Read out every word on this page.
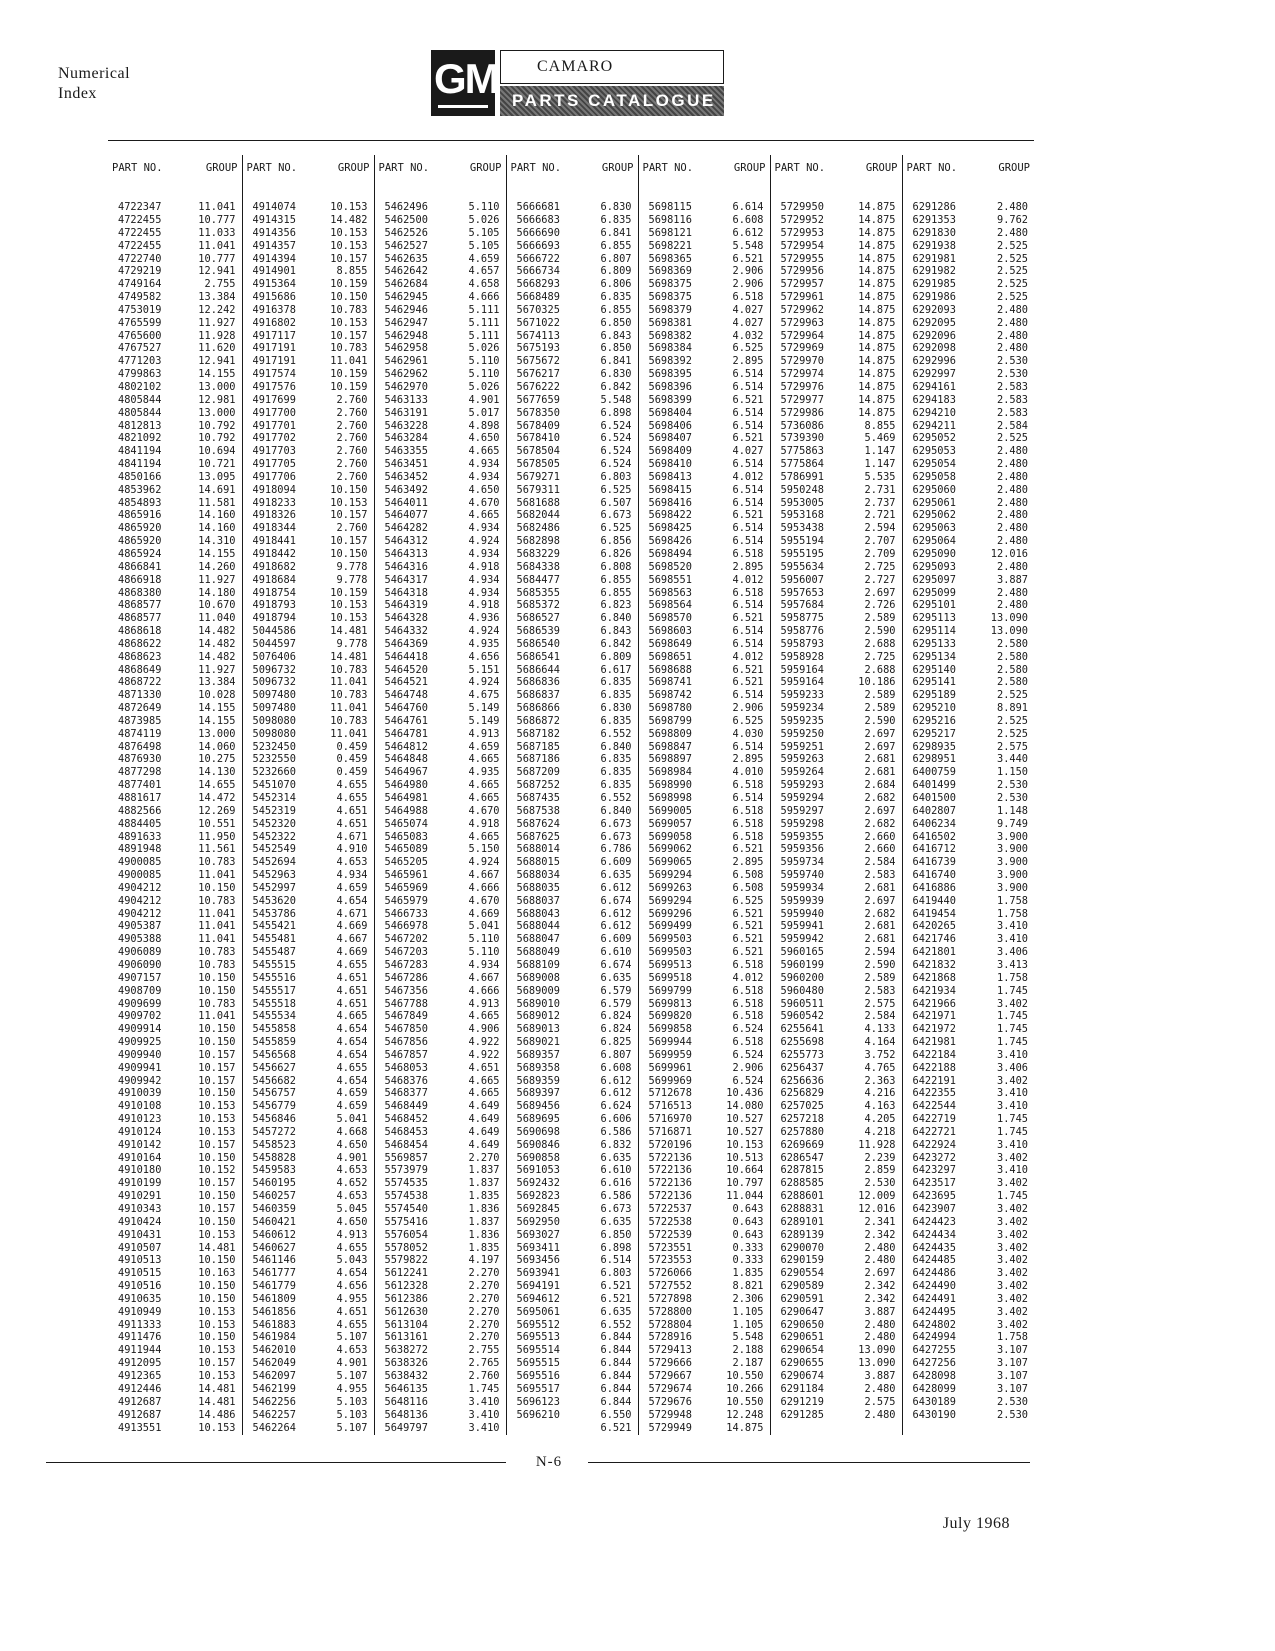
Numerical
Index	GM	CAMARO
PARTS CATALOGUE
PART NO.	GROUP	PART NO.	GROUP	PART NO.	GROUP	PART NO.	GROUP	PART NO.	GROUP	PART NO.	GROUP	PART NO.	GROUP

4722347	11.041	4914074	10.153	5462496	5.110	5666681	6.830	5698115	6.614	5729950	14.875	6291286	2.480
4722455	10.777	4914315	14.482	5462500	5.026	5666683	6.835	5698116	6.608	5729952	14.875	6291353	9.762
4722455	11.033	4914356	10.153	5462526	5.105	5666690	6.841	5698121	6.612	5729953	14.875	6291830	2.480
4722455	11.041	4914357	10.153	5462527	5.105	5666693	6.855	5698221	5.548	5729954	14.875	6291938	2.525
4722740	10.777	4914394	10.157	5462635	4.659	5666722	6.807	5698365	6.521	5729955	14.875	6291981	2.525
4729219	12.941	4914901	8.855	5462642	4.657	5666734	6.809	5698369	2.906	5729956	14.875	6291982	2.525
4749164	2.755	4915364	10.159	5462684	4.658	5668293	6.806	5698375	2.906	5729957	14.875	6291985	2.525
4749582	13.384	4915686	10.150	5462945	4.666	5668489	6.835	5698375	6.518	5729961	14.875	6291986	2.525
4753019	12.242	4916378	10.783	5462946	5.111	5670325	6.855	5698379	4.027	5729962	14.875	6292093	2.480
4765599	11.927	4916802	10.153	5462947	5.111	5671022	6.850	5698381	4.027	5729963	14.875	6292095	2.480
4765600	11.928	4917117	10.157	5462948	5.111	5674113	6.843	5698382	4.032	5729964	14.875	6292096	2.480
4767527	11.620	4917191	10.783	5462958	5.026	5675193	6.850	5698384	6.525	5729969	14.875	6292098	2.480
4771203	12.941	4917191	11.041	5462961	5.110	5675672	6.841	5698392	2.895	5729970	14.875	6292996	2.530
4799863	14.155	4917574	10.159	5462962	5.110	5676217	6.830	5698395	6.514	5729974	14.875	6292997	2.530
4802102	13.000	4917576	10.159	5462970	5.026	5676222	6.842	5698396	6.514	5729976	14.875	6294161	2.583
4805844	12.981	4917699	2.760	5463133	4.901	5677659	5.548	5698399	6.521	5729977	14.875	6294183	2.583
4805844	13.000	4917700	2.760	5463191	5.017	5678350	6.898	5698404	6.514	5729986	14.875	6294210	2.583
4812813	10.792	4917701	2.760	5463228	4.898	5678409	6.524	5698406	6.514	5736086	8.855	6294211	2.584
4821092	10.792	4917702	2.760	5463284	4.650	5678410	6.524	5698407	6.521	5739390	5.469	6295052	2.525
4841194	10.694	4917703	2.760	5463355	4.665	5678504	6.524	5698409	4.027	5775863	1.147	6295053	2.480
4841194	10.721	4917705	2.760	5463451	4.934	5678505	6.524	5698410	6.514	5775864	1.147	6295054	2.480
4850166	13.095	4917706	2.760	5463452	4.934	5679271	6.803	5698413	4.012	5786991	5.535	6295058	2.480
4853962	14.691	4918094	10.150	5463492	4.650	5679311	6.525	5698415	6.514	5950248	2.731	6295060	2.480
4854893	11.581	4918233	10.153	5464011	4.670	5681688	6.507	5698416	6.514	5953005	2.737	6295061	2.480
4865916	14.160	4918326	10.157	5464077	4.665	5682044	6.673	5698422	6.521	5953168	2.721	6295062	2.480
4865920	14.160	4918344	2.760	5464282	4.934	5682486	6.525	5698425	6.514	5953438	2.594	6295063	2.480
4865920	14.310	4918441	10.157	5464312	4.924	5682898	6.856	5698426	6.514	5955194	2.707	6295064	2.480
4865924	14.155	4918442	10.150	5464313	4.934	5683229	6.826	5698494	6.518	5955195	2.709	6295090	12.016
4866841	14.260	4918682	9.778	5464316	4.918	5684338	6.808	5698520	2.895	5955634	2.725	6295093	2.480
4866918	11.927	4918684	9.778	5464317	4.934	5684477	6.855	5698551	4.012	5956007	2.727	6295097	3.887
4868380	14.180	4918754	10.159	5464318	4.934	5685355	6.855	5698563	6.518	5957653	2.697	6295099	2.480
4868577	10.670	4918793	10.153	5464319	4.918	5685372	6.823	5698564	6.514	5957684	2.726	6295101	2.480
4868577	11.040	4918794	10.153	5464328	4.936	5686527	6.840	5698570	6.521	5958775	2.589	6295113	13.090
4868618	14.482	5044586	14.481	5464332	4.924	5686539	6.843	5698603	6.514	5958776	2.590	6295114	13.090
4868622	14.482	5044597	9.778	5464369	4.935	5686540	6.842	5698649	6.514	5958793	2.688	6295133	2.580
4868623	14.482	5076406	14.481	5464418	4.656	5686541	6.809	5698651	4.012	5958928	2.725	6295134	2.580
4868649	11.927	5096732	10.783	5464520	5.151	5686644	6.617	5698688	6.521	5959164	2.688	6295140	2.580
4868722	13.384	5096732	11.041	5464521	4.924	5686836	6.835	5698741	6.521	5959164	10.186	6295141	2.580
4871330	10.028	5097480	10.783	5464748	4.675	5686837	6.835	5698742	6.514	5959233	2.589	6295189	2.525
4872649	14.155	5097480	11.041	5464760	5.149	5686866	6.830	5698780	2.906	5959234	2.589	6295210	8.891
4873985	14.155	5098080	10.783	5464761	5.149	5686872	6.835	5698799	6.525	5959235	2.590	6295216	2.525
4874119	13.000	5098080	11.041	5464781	4.913	5687182	6.552	5698809	4.030	5959250	2.697	6295217	2.525
4876498	14.060	5232450	0.459	5464812	4.659	5687185	6.840	5698847	6.514	5959251	2.697	6298935	2.575
4876930	10.275	5232550	0.459	5464848	4.665	5687186	6.835	5698897	2.895	5959263	2.681	6298951	3.440
4877298	14.130	5232660	0.459	5464967	4.935	5687209	6.835	5698984	4.010	5959264	2.681	6400759	1.150
4877401	14.655	5451070	4.655	5464980	4.665	5687252	6.835	5698990	6.518	5959293	2.684	6401499	2.530
4881617	14.472	5452314	4.655	5464981	4.665	5687435	6.552	5698998	6.514	5959294	2.682	6401500	2.530
4882566	12.269	5452319	4.651	5464988	4.670	5687538	6.840	5699005	6.518	5959297	2.697	6402807	1.148
4884405	10.551	5452320	4.651	5465074	4.918	5687624	6.673	5699057	6.518	5959298	2.682	6406234	9.749
4891633	11.950	5452322	4.671	5465083	4.665	5687625	6.673	5699058	6.518	5959355	2.660	6416502	3.900
4891948	11.561	5452549	4.910	5465089	5.150	5688014	6.786	5699062	6.521	5959356	2.660	6416712	3.900
4900085	10.783	5452694	4.653	5465205	4.924	5688015	6.609	5699065	2.895	5959734	2.584	6416739	3.900
4900085	11.041	5452963	4.934	5465961	4.667	5688034	6.635	5699294	6.508	5959740	2.583	6416740	3.900
4904212	10.150	5452997	4.659	5465969	4.666	5688035	6.612	5699263	6.508	5959934	2.681	6416886	3.900
4904212	10.783	5453620	4.654	5465979	4.670	5688037	6.674	5699294	6.525	5959939	2.697	6419440	1.758
4904212	11.041	5453786	4.671	5466733	4.669	5688043	6.612	5699296	6.521	5959940	2.682	6419454	1.758
4905387	11.041	5455421	4.669	5466978	5.041	5688044	6.612	5699499	6.521	5959941	2.681	6420265	3.410
4905388	11.041	5455481	4.667	5467202	5.110	5688047	6.609	5699503	6.521	5959942	2.681	6421746	3.410
4906089	10.783	5455487	4.669	5467203	5.110	5688049	6.610	5699503	6.521	5960165	2.594	6421801	3.406
4906090	10.783	5455515	4.655	5467283	4.934	5688109	6.674	5699513	6.518	5960199	2.590	6421832	3.413
4907157	10.150	5455516	4.651	5467286	4.667	5689008	6.635	5699518	4.012	5960200	2.589	6421868	1.758
4908709	10.150	5455517	4.651	5467356	4.666	5689009	6.579	5699799	6.518	5960480	2.583	6421934	1.745
4909699	10.783	5455518	4.651	5467788	4.913	5689010	6.579	5699813	6.518	5960511	2.575	6421966	3.402
4909702	11.041	5455534	4.665	5467849	4.665	5689012	6.824	5699820	6.518	5960542	2.584	6421971	1.745
4909914	10.150	5455858	4.654	5467850	4.906	5689013	6.824	5699858	6.524	6255641	4.133	6421972	1.745
4909925	10.150	5455859	4.654	5467856	4.922	5689021	6.825	5699944	6.518	6255698	4.164	6421981	1.745
4909940	10.157	5456568	4.654	5467857	4.922	5689357	6.807	5699959	6.524	6255773	3.752	6422184	3.410
4909941	10.157	5456627	4.655	5468053	4.651	5689358	6.608	5699961	2.906	6256437	4.765	6422188	3.406
4909942	10.157	5456682	4.654	5468376	4.665	5689359	6.612	5699969	6.524	6256636	2.363	6422191	3.402
4910039	10.150	5456757	4.659	5468377	4.665	5689397	6.612	5712678	10.436	6256829	4.216	6422355	3.410
4910108	10.153	5456779	4.659	5468449	4.649	5689456	6.624	5716513	14.080	6257025	4.163	6422544	3.410
4910123	10.153	5456846	5.041	5468452	4.649	5689695	6.606	5716970	10.527	6257218	4.205	6422719	1.745
4910124	10.153	5457272	4.668	5468453	4.649	5690698	6.586	5716871	10.527	6257880	4.218	6422721	1.745
4910142	10.157	5458523	4.650	5468454	4.649	5690846	6.832	5720196	10.153	6269669	11.928	6422924	3.410
4910164	10.150	5458828	4.901	5569857	2.270	5690858	6.635	5722136	10.513	6286547	2.239	6423272	3.402
4910180	10.152	5459583	4.653	5573979	1.837	5691053	6.610	5722136	10.664	6287815	2.859	6423297	3.410
4910199	10.157	5460195	4.652	5574535	1.837	5692432	6.616	5722136	10.797	6288585	2.530	6423517	3.402
4910291	10.150	5460257	4.653	5574538	1.835	5692823	6.586	5722136	11.044	6288601	12.009	6423695	1.745
4910343	10.157	5460359	5.045	5574540	1.836	5692845	6.673	5722537	0.643	6288831	12.016	6423907	3.402
4910424	10.150	5460421	4.650	5575416	1.837	5692950	6.635	5722538	0.643	6289101	2.341	6424423	3.402
4910431	10.153	5460612	4.913	5576054	1.836	5693027	6.850	5722539	0.643	6289139	2.342	6424434	3.402
4910507	14.481	5460627	4.655	5578052	1.835	5693411	6.898	5723551	0.333	6290070	2.480	6424435	3.402
4910513	10.150	5461146	5.043	5579822	4.197	5693456	6.514	5723553	0.333	6290159	2.480	6424485	3.402
4910515	10.163	5461777	4.654	5612241	2.270	5693941	6.803	5726066	1.835	6290554	2.697	6424486	3.402
4910516	10.150	5461779	4.656	5612328	2.270	5694191	6.521	5727552	8.821	6290589	2.342	6424490	3.402
4910635	10.150	5461809	4.955	5612386	2.270	5694612	6.521	5727898	2.306	6290591	2.342	6424491	3.402
4910949	10.153	5461856	4.651	5612630	2.270	5695061	6.635	5728800	1.105	6290647	3.887	6424495	3.402
4911333	10.153	5461883	4.655	5613104	2.270	5695512	6.552	5728804	1.105	6290650	2.480	6424802	3.402
4911476	10.150	5461984	5.107	5613161	2.270	5695513	6.844	5728916	5.548	6290651	2.480	6424994	1.758
4911944	10.153	5462010	4.653	5638272	2.755	5695514	6.844	5729413	2.188	6290654	13.090	6427255	3.107
4912095	10.157	5462049	4.901	5638326	2.765	5695515	6.844	5729666	2.187	6290655	13.090	6427256	3.107
4912365	10.153	5462097	5.107	5638432	2.760	5695516	6.844	5729667	10.550	6290674	3.887	6428098	3.107
4912446	14.481	5462199	4.955	5646135	1.745	5695517	6.844	5729674	10.266	6291184	2.480	6428099	3.107
4912687	14.481	5462256	5.103	5648116	3.410	5696123	6.844	5729676	10.550	6291219	2.575	6430189	2.530
4912687	14.486	5462257	5.103	5648136	3.410	5696210	6.550	5729948	12.248	6291285	2.480	6430190	2.530
4913551	10.153	5462264	5.107	5649797	3.410		6.521	5729949	14.875				
N-6
July 1968
